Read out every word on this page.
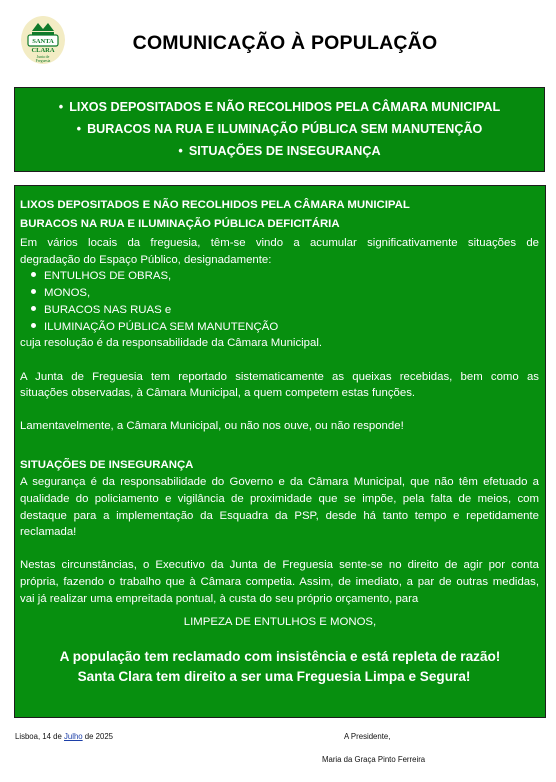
SANTA
CLARA
Junta de
Freguesia
COMUNICAÇÃO À POPULAÇÃO
• LIXOS DEPOSITADOS E NÃO RECOLHIDOS PELA CÂMARA MUNICIPAL
• BURACOS NA RUA E ILUMINAÇÃO PÚBLICA SEM MANUTENÇÃO
• SITUAÇÕES DE INSEGURANÇA
LIXOS DEPOSITADOS E NÃO RECOLHIDOS PELA CÂMARA MUNICIPAL
BURACOS NA RUA E ILUMINAÇÃO PÚBLICA DEFICITÁRIA
Em vários locais da freguesia, têm-se vindo a acumular significativamente situações de
degradação do Espaço Público, designadamente:
ENTULHOS DE OBRAS,
MONOS,
BURACOS NAS RUAS e
ILUMINAÇÃO PÚBLICA SEM MANUTENÇÃO
cuja resolução é da responsabilidade da Câmara Municipal.
A Junta de Freguesia tem reportado sistematicamente as queixas recebidas, bem como as
situações observadas, à Câmara Municipal, a quem competem estas funções.
Lamentavelmente, a Câmara Municipal, ou não nos ouve, ou não responde!
SITUAÇÕES DE INSEGURANÇA
A segurança é da responsabilidade do Governo e da Câmara Municipal, que não têm efetuado a
qualidade do policiamento e vigilância de proximidade que se impõe, pela falta de meios, com
destaque para a implementação da Esquadra da PSP, desde há tanto tempo e repetidamente
reclamada!
Nestas circunstâncias, o Executivo da Junta de Freguesia sente-se no direito de agir por conta
própria, fazendo o trabalho que à Câmara competia. Assim, de imediato, a par de outras medidas,
vai já realizar uma empreitada pontual, à custa do seu próprio orçamento, para
LIMPEZA DE ENTULHOS E MONOS,
A população tem reclamado com insistência e está repleta de razão!
Santa Clara tem direito a ser uma Freguesia Limpa e Segura!
Lisboa, 14 de Julho de 2025	A Presidente,
Maria da Graça Pinto Ferreira
